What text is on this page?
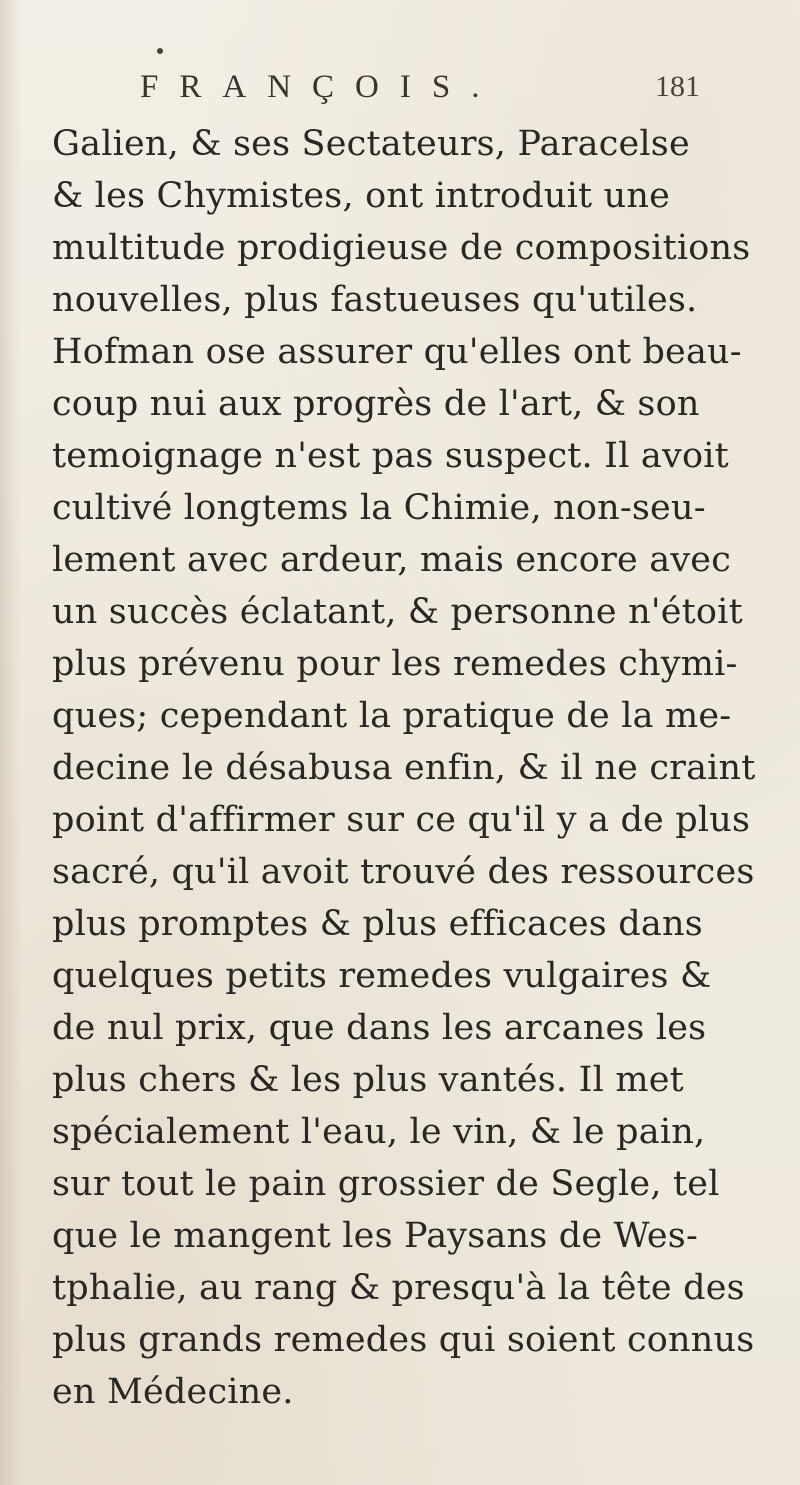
FRANÇOIS.	181
Galien, & ses Sectateurs, Paracelse
& les Chymistes, ont introduit une
multitude prodigieuse de compositions
nouvelles, plus fastueuses qu'utiles.
Hofman ose assurer qu'elles ont beau-
coup nui aux progrès de l'art, & son
temoignage n'est pas suspect. Il avoit
cultivé longtems la Chimie, non-seu-
lement avec ardeur, mais encore avec
un succès éclatant, & personne n'étoit
plus prévenu pour les remedes chymi-
ques; cependant la pratique de la me-
decine le désabusa enfin, & il ne craint
point d'affirmer sur ce qu'il y a de plus
sacré, qu'il avoit trouvé des ressources
plus promptes & plus efficaces dans
quelques petits remedes vulgaires &
de nul prix, que dans les arcanes les
plus chers & les plus vantés. Il met
spécialement l'eau, le vin, & le pain,
sur tout le pain grossier de Segle, tel
que le mangent les Paysans de Wes-
tphalie, au rang & presqu'à la tête des
plus grands remedes qui soient connus
en Médecine.
